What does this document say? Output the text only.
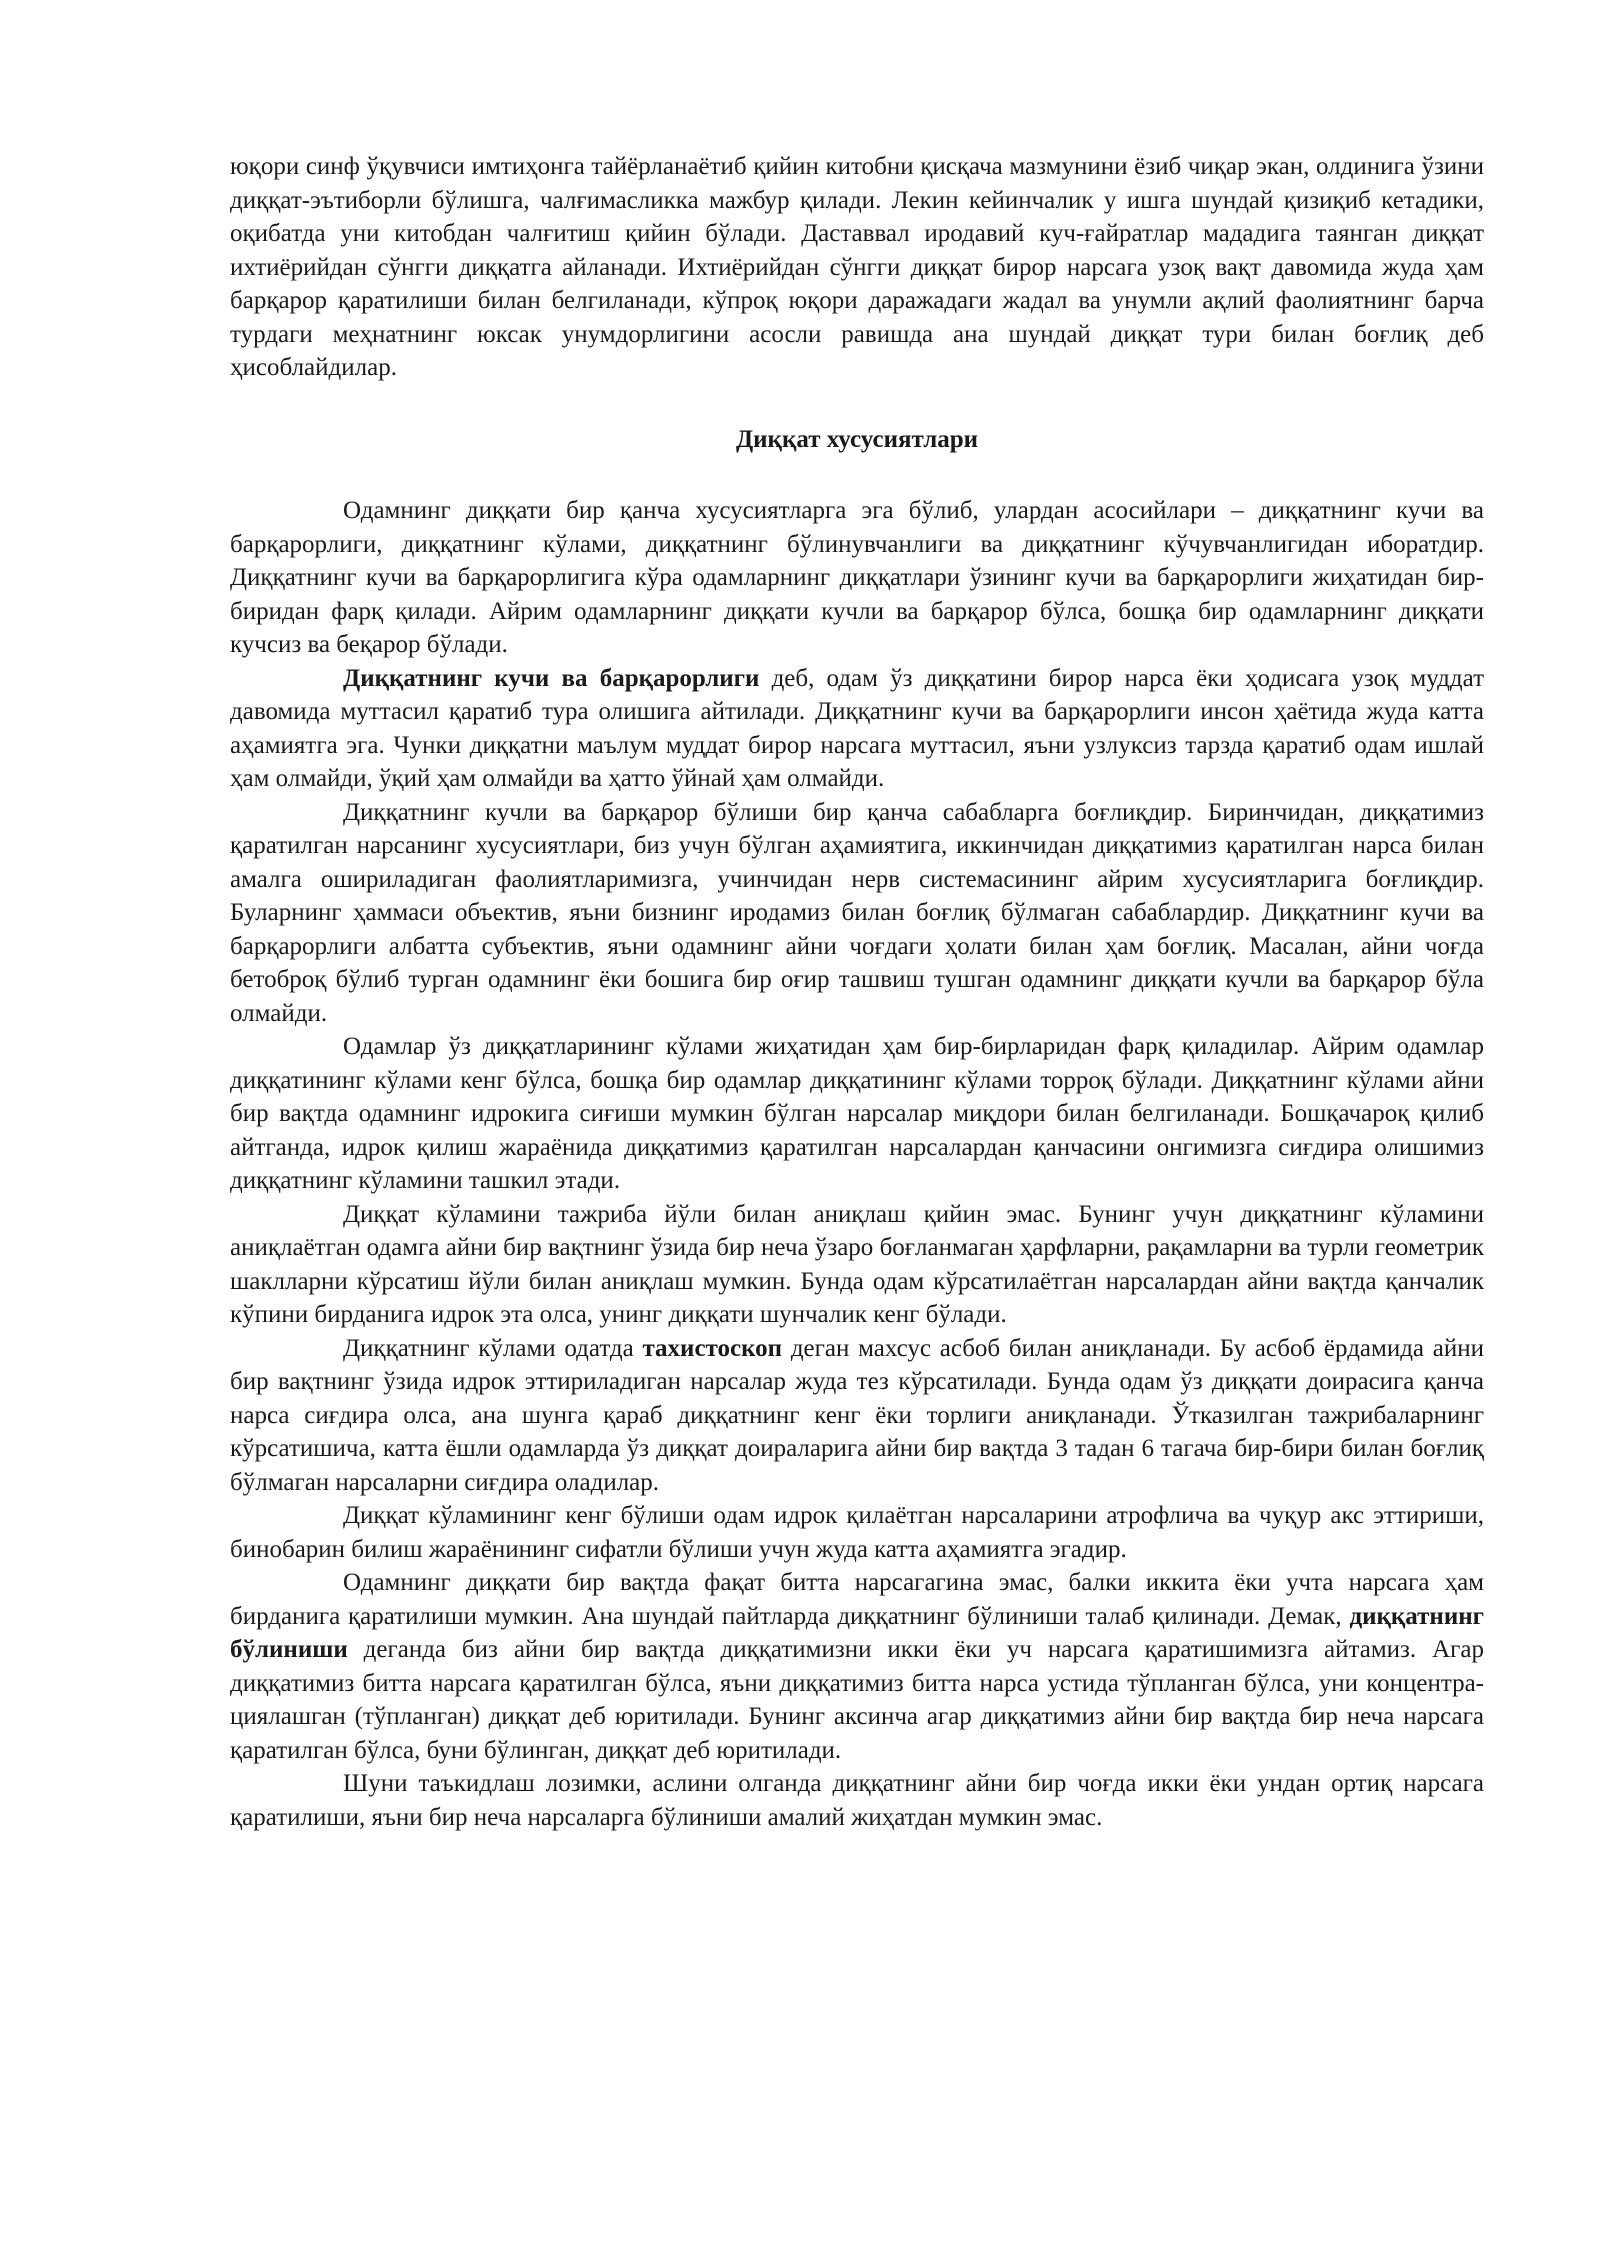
юқори синф ўқувчиси имтиҳонга тайёрланаётиб қийин китобни қисқача мазмунини ёзиб чиқар экан, олдинига ўзини диққат-эътиборли бўлишга, чалғимасликка мажбур қилади. Лекин кейинчалик у ишга шундай қизиқиб кетадики, оқибатда уни китобдан чалғитиш қийин бўлади. Даставвал иродавий куч-ғайратлар мададига таянган диққат ихтиёрийдан сўнгги диққатга айланади. Ихтиёрийдан сўнгги диққат бирор нарсага узоқ вақт давомида жуда ҳам барқарор қаратилиши билан белгиланади, кўпроқ юқори даражадаги жадал ва унумли ақлий фаолиятнинг барча турдаги меҳнатнинг юксак унумдорлигини асосли равишда ана шундай диққат тури билан боғлиқ деб ҳисоблайдилар.

Диққат хусусиятлари

Одамнинг диққати бир қанча хусусиятларга эга бўлиб, улардан асосийлари – диққатнинг кучи ва барқарорлиги, диққатнинг кўлами, диққатнинг бўлинувчанлиги ва диққатнинг кўчувчанлигидан иборатдир. Диққатнинг кучи ва барқарорлигига кўра одамларнинг диққатлари ўзининг кучи ва барқарорлиги жиҳатидан бир-биридан фарқ қилади. Айрим одамларнинг диққати кучли ва барқарор бўлса, бошқа бир одамларнинг диққати кучсиз ва беқарор бўлади.

Диққатнинг кучи ва барқарорлиги деб, одам ўз диққатини бирор нарса ёки ҳодисага узоқ муддат давомида муттасил қаратиб тура олишига айтилади. Диққатнинг кучи ва барқарорлиги инсон ҳаётида жуда катта аҳамиятга эга. Чунки диққатни маълум муддат бирор нарсага муттасил, яъни узлуксиз тарзда қаратиб одам ишлай ҳам олмайди, ўқий ҳам олмайди ва ҳатто ўйнай ҳам олмайди.

Диққатнинг кучли ва барқарор бўлиши бир қанча сабабларга боғлиқдир. Биринчидан, диққатимиз қаратилган нарсанинг хусусиятлари, биз учун бўлган аҳамиятига, иккинчидан диққатимиз қаратилган нарса билан амалга ошириладиган фаолиятларимизга, учинчидан нерв системасининг айрим хусусиятларига боғлиқдир. Буларнинг ҳаммаси объектив, яъни бизнинг иродамиз билан боғлиқ бўлмаган сабаблардир. Диққатнинг кучи ва барқарорлиги албатта субъектив, яъни одамнинг айни чоғдаги ҳолати билан ҳам боғлиқ. Масалан, айни чоғда бетоброқ бўлиб турган одамнинг ёки бошига бир оғир ташвиш тушган одамнинг диққати кучли ва барқарор бўла олмайди.

Одамлар ўз диққатларининг кўлами жиҳатидан ҳам бир-бирларидан фарқ қиладилар. Айрим одамлар диққатининг кўлами кенг бўлса, бошқа бир одамлар диққатининг кўлами торроқ бўлади. Диққатнинг кўлами айни бир вақтда одамнинг идрокига сиғиши мумкин бўлган нарсалар миқдори билан белгиланади. Бошқачароқ қилиб айтганда, идрок қилиш жараёнида диққатимиз қаратилган нарсалардан қанчасини онгимизга сиғдира олишимиз диққатнинг кўламини ташкил этади.

Диққат кўламини тажриба йўли билан аниқлаш қийин эмас. Бунинг учун диққатнинг кўламини аниқлаётган одамга айни бир вақтнинг ўзида бир неча ўзаро боғланмаган ҳарфларни, рақамларни ва турли геометрик шаклларни кўрсатиш йўли билан аниқлаш мумкин. Бунда одам кўрсатилаётган нарсалардан айни вақтда қанчалик кўпини бирданига идрок эта олса, унинг диққати шунчалик кенг бўлади.

Диққатнинг кўлами одатда тахистоскоп деган махсус асбоб билан аниқланади. Бу асбоб ёрдамида айни бир вақтнинг ўзида идрок эттириладиган нарсалар жуда тез кўрсатилади. Бунда одам ўз диққати доирасига қанча нарса сиғдира олса, ана шунга қараб диққатнинг кенг ёки торлиги аниқланади. Ўтказилган тажрибаларнинг кўрсатишича, катта ёшли одамларда ўз диққат доираларига айни бир вақтда 3 тадан 6 тагача бир-бири билан боғлиқ бўлмаган нарсаларни сиғдира оладилар.

Диққат кўламининг кенг бўлиши одам идрок қилаётган нарсаларини атрофлича ва чуқур акс эттириши, бинобарин билиш жараёнининг сифатли бўлиши учун жуда катта аҳамиятга эгадир.

Одамнинг диққати бир вақтда фақат битта нарсагагина эмас, балки иккита ёки учта нарсага ҳам бирданига қаратилиши мумкин. Ана шундай пайтларда диққатнинг бўлиниши талаб қилинади. Демак, диққатнинг бўлиниши деганда биз айни бир вақтда диққатимизни икки ёки уч нарсага қаратишимизга айтамиз. Агар диққатимиз битта нарсага қаратилган бўлса, яъни диққатимиз битта нарса устида тўпланган бўлса, уни концентра-циялашган (тўпланган) диққат деб юритилади. Бунинг аксинча агар диққатимиз айни бир вақтда бир неча нарсага қаратилган бўлса, буни бўлинган, диққат деб юритилади.

Шуни таъкидлаш лозимки, аслини олганда диққатнинг айни бир чоғда икки ёки ундан ортиқ нарсага қаратилиши, яъни бир неча нарсаларга бўлиниши амалий жиҳатдан мумкин эмас.
